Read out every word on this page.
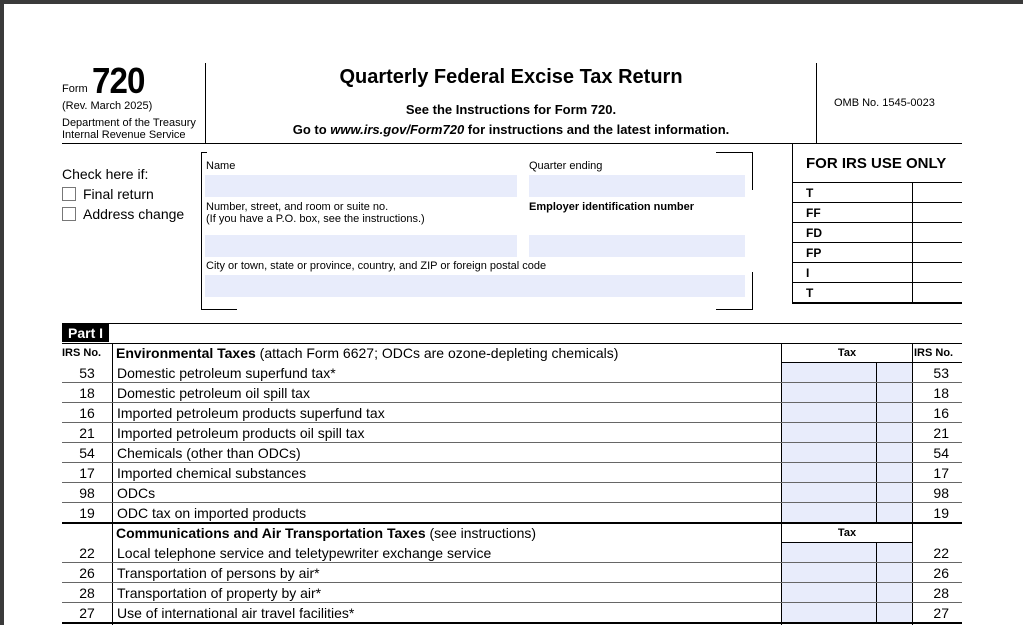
Form 720
(Rev. March 2025)
Department of the Treasury
Internal Revenue Service
Quarterly Federal Excise Tax Return
See the Instructions for Form 720.
Go to www.irs.gov/Form720 for instructions and the latest information.
OMB No. 1545-0023
Check here if:
Final return
Address change
Name	Quarter ending
Number, street, and room or suite no.
(If you have a P.O. box, see the instructions.)
Employer identification number
City or town, state or province, country, and ZIP or foreign postal code
FOR IRS USE ONLY
T
FF
FD
FP
I
T
Part I
IRS No. Environmental Taxes (attach Form 6627; ODCs are ozone-depleting chemicals)	Tax	IRS No.
53	Domestic petroleum superfund tax*	53
18	Domestic petroleum oil spill tax	18
16	Imported petroleum products superfund tax	16
21	Imported petroleum products oil spill tax	21
54	Chemicals (other than ODCs)	54
17	Imported chemical substances	17
98	ODCs	98
19	ODC tax on imported products	19
Communications and Air Transportation Taxes (see instructions)	Tax
22	Local telephone service and teletypewriter exchange service	22
26	Transportation of persons by air*	26
28	Transportation of property by air*	28
27	Use of international air travel facilities*	27
